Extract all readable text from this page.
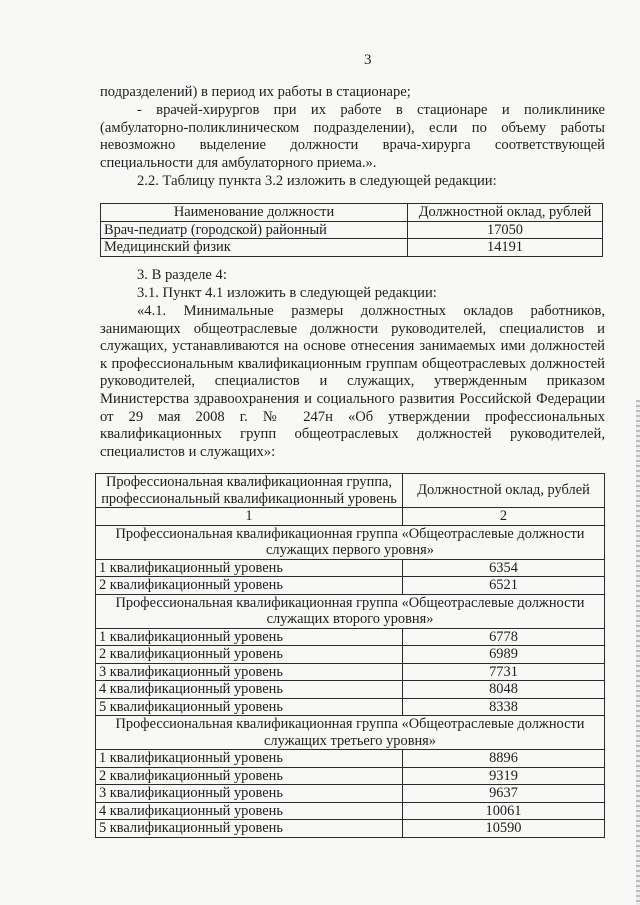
3
подразделений) в период их работы в стационаре;
- врачей-хирургов при их работе в стационаре и поликлинике (амбулаторно-поликлиническом подразделении), если по объему работы невозможно выделение должности врача-хирурга соответствующей специальности для амбулаторного приема.».
2.2. Таблицу пункта 3.2 изложить в следующей редакции:
Наименование должности	Должностной оклад, рублей
Врач-педиатр (городской) районный	17050
Медицинский физик	14191
3. В разделе 4:
3.1. Пункт 4.1 изложить в следующей редакции:
«4.1. Минимальные размеры должностных окладов работников, занимающих общеотраслевые должности руководителей, специалистов и служащих, устанавливаются на основе отнесения занимаемых ими должностей к профессиональным квалификационным группам общеотраслевых должностей руководителей, специалистов и служащих, утвержденным приказом Министерства здравоохранения и социального развития Российской Федерации от 29 мая 2008 г. № 247н «Об утверждении профессиональных квалификационных групп общеотраслевых должностей руководителей, специалистов и служащих»:
Профессиональная квалификационная группа, профессиональный квалификационный уровень	Должностной оклад, рублей
1	2
Профессиональная квалификационная группа «Общеотраслевые должности служащих первого уровня»	
1 квалификационный уровень	6354
2 квалификационный уровень	6521
Профессиональная квалификационная группа «Общеотраслевые должности служащих второго уровня»	
1 квалификационный уровень	6778
2 квалификационный уровень	6989
3 квалификационный уровень	7731
4 квалификационный уровень	8048
5 квалификационный уровень	8338
Профессиональная квалификационная группа «Общеотраслевые должности служащих третьего уровня»	
1 квалификационный уровень	8896
2 квалификационный уровень	9319
3 квалификационный уровень	9637
4 квалификационный уровень	10061
5 квалификационный уровень	10590
